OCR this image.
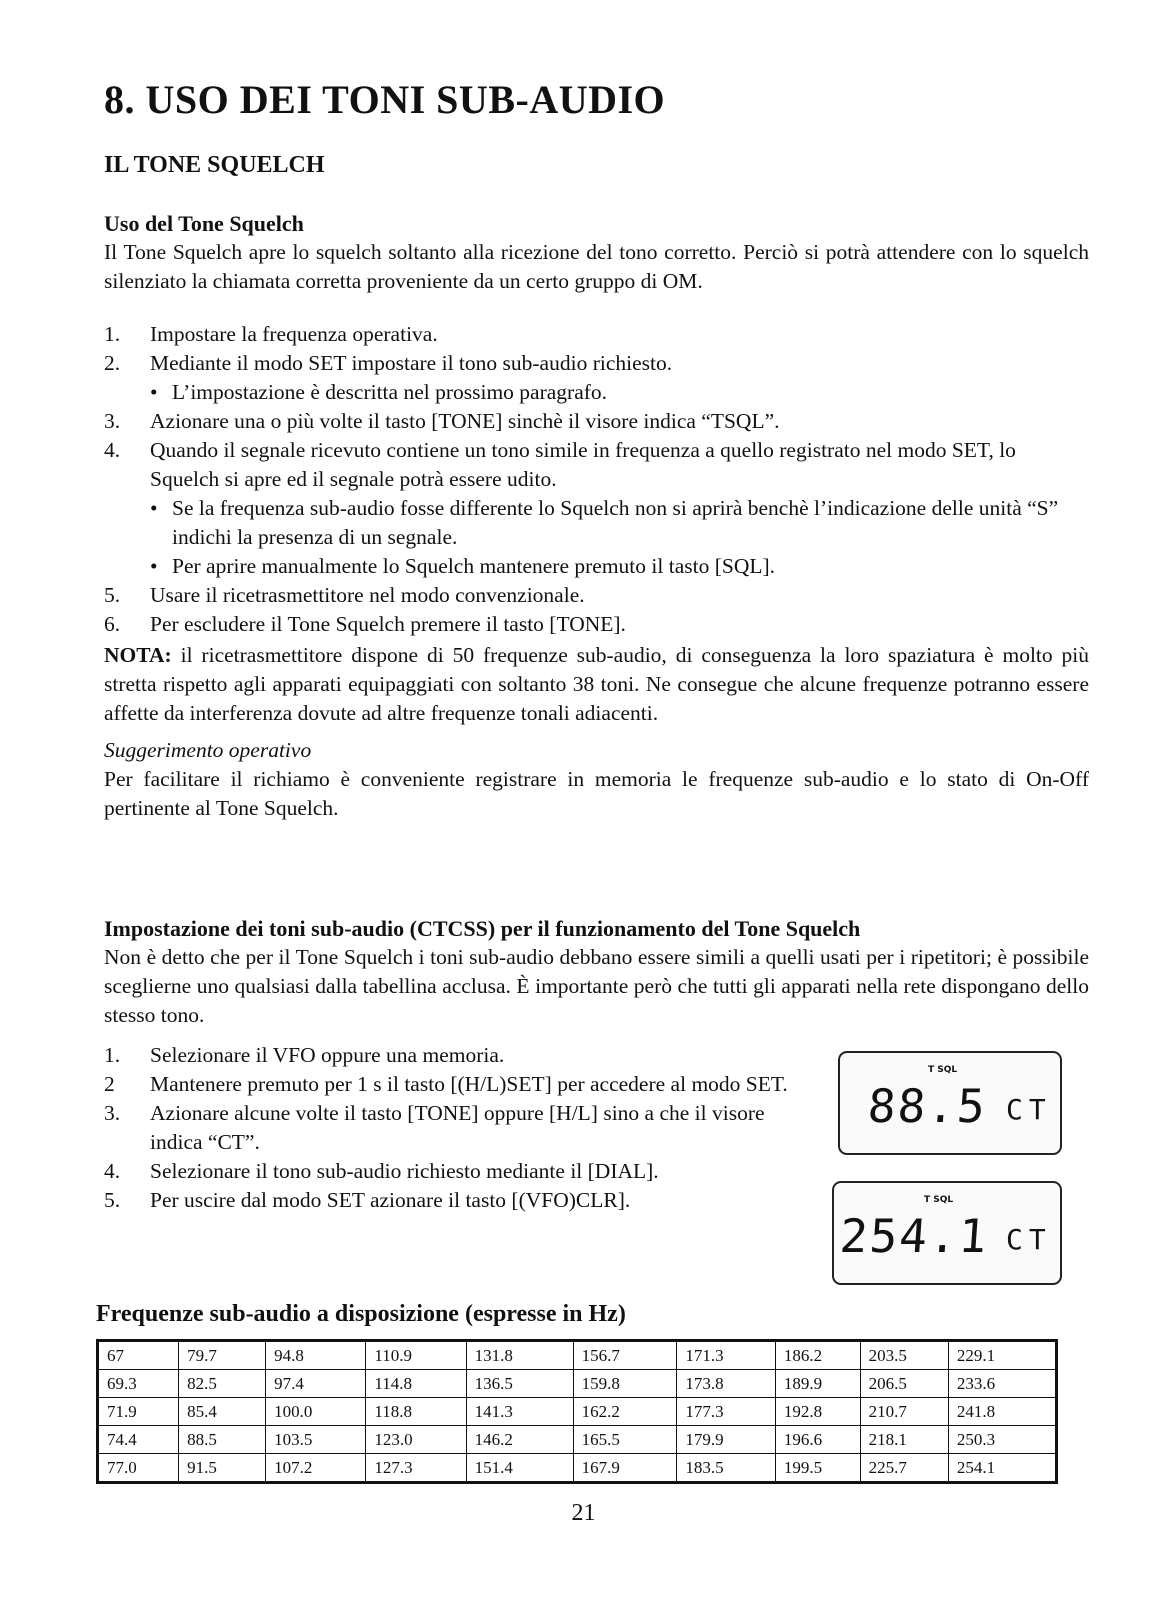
8. USO DEI TONI SUB-AUDIO
IL TONE SQUELCH
Uso del Tone Squelch
Il Tone Squelch apre lo squelch soltanto alla ricezione del tono corretto. Perciò si potrà attendere con lo squelch silenziato la chiamata corretta proveniente da un certo gruppo di OM.
1. Impostare la frequenza operativa.
2. Mediante il modo SET impostare il tono sub-audio richiesto.
• L’impostazione è descritta nel prossimo paragrafo.
3. Azionare una o più volte il tasto [TONE] sinchè il visore indica “TSQL”.
4. Quando il segnale ricevuto contiene un tono simile in frequenza a quello registrato nel modo SET, lo Squelch si apre ed il segnale potrà essere udito.
• Se la frequenza sub-audio fosse differente lo Squelch non si aprirà benchè l’indicazione delle unità “S” indichi la presenza di un segnale.
• Per aprire manualmente lo Squelch mantenere premuto il tasto [SQL].
5. Usare il ricetrasmettitore nel modo convenzionale.
6. Per escludere il Tone Squelch premere il tasto [TONE].
NOTA: il ricetrasmettitore dispone di 50 frequenze sub-audio, di conseguenza la loro spaziatura è molto più stretta rispetto agli apparati equipaggiati con soltanto 38 toni. Ne consegue che alcune frequenze potranno essere affette da interferenza dovute ad altre frequenze tonali adiacenti.
Suggerimento operativo
Per facilitare il richiamo è conveniente registrare in memoria le frequenze sub-audio e lo stato di On-Off pertinente al Tone Squelch.
Impostazione dei toni sub-audio (CTCSS) per il funzionamento del Tone Squelch
Non è detto che per il Tone Squelch i toni sub-audio debbano essere simili a quelli usati per i ripetitori; è possibile sceglierne uno qualsiasi dalla tabellina acclusa. È importante però che tutti gli apparati nella rete dispongano dello stesso tono.
1. Selezionare il VFO oppure una memoria.
2 Mantenere premuto per 1 s il tasto [(H/L)SET] per accedere al modo SET.
3. Azionare alcune volte il tasto [TONE] oppure [H/L] sino a che il visore indica “CT”.
4. Selezionare il tono sub-audio richiesto mediante il [DIAL].
5. Per uscire dal modo SET azionare il tasto [(VFO)CLR].
T SQL
88.5 CT
T SQL
254.1 CT
Frequenze sub-audio a disposizione (espresse in Hz)
67	79.7	94.8	110.9	131.8	156.7	171.3	186.2	203.5	229.1
69.3	82.5	97.4	114.8	136.5	159.8	173.8	189.9	206.5	233.6
71.9	85.4	100.0	118.8	141.3	162.2	177.3	192.8	210.7	241.8
74.4	88.5	103.5	123.0	146.2	165.5	179.9	196.6	218.1	250.3
77.0	91.5	107.2	127.3	151.4	167.9	183.5	199.5	225.7	254.1
21
